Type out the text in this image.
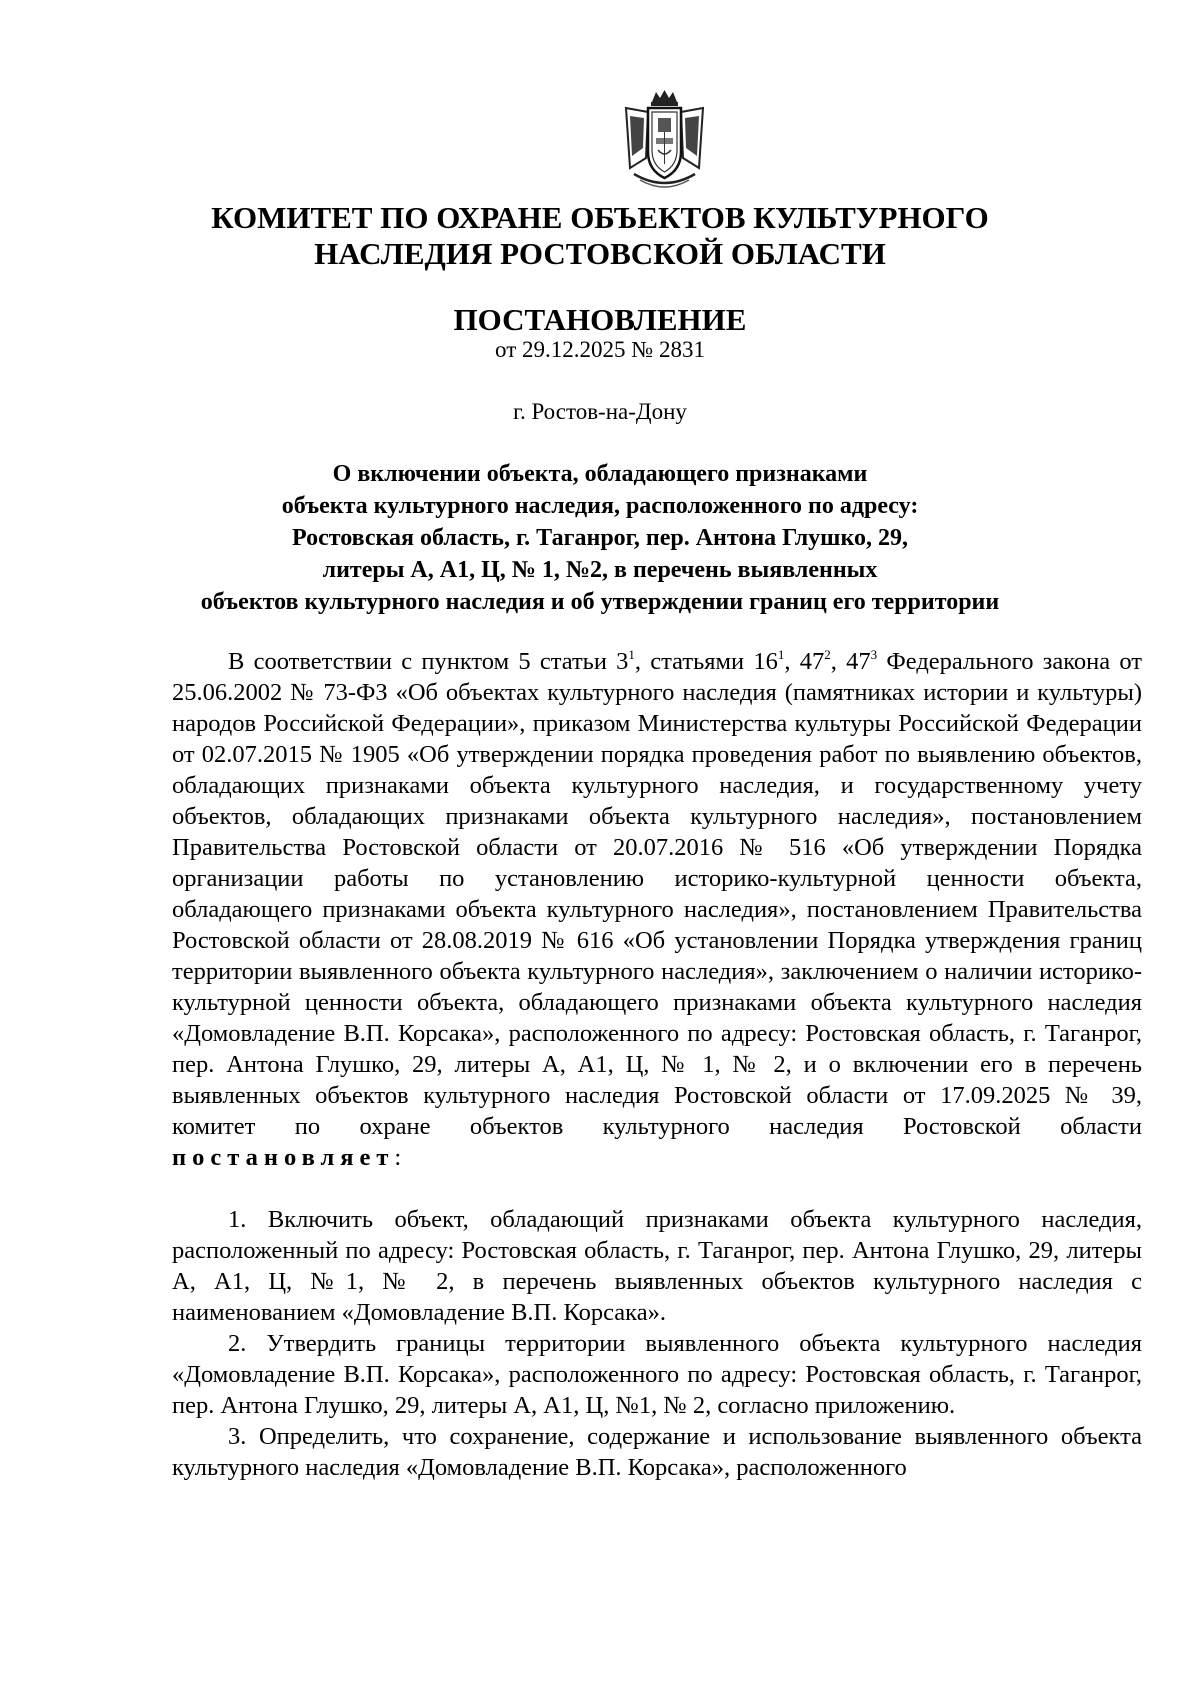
КОМИТЕТ ПО ОХРАНЕ ОБЪЕКТОВ КУЛЬТУРНОГО
НАСЛЕДИЯ РОСТОВСКОЙ ОБЛАСТИ
ПОСТАНОВЛЕНИЕ
от 29.12.2025 № 2831
г. Ростов-на-Дону
О включении объекта, обладающего признаками
объекта культурного наследия, расположенного по адресу:
Ростовская область, г. Таганрог, пер. Антона Глушко, 29,
литеры А, А1, Ц, № 1, №2, в перечень выявленных
объектов культурного наследия и об утверждении границ его территории

В соответствии с пунктом 5 статьи $3^1$, статьями $16^1$, $47^2$, $47^3$ Федерального закона от 25.06.2002 № 73-ФЗ «Об объектах культурного наследия (памятниках истории и культуры) народов Российской Федерации», приказом Министерства культуры Российской Федерации от 02.07.2015 № 1905 «Об утверждении порядка проведения работ по выявлению объектов, обладающих признаками объекта культурного наследия, и государственному учету объектов, обладающих признаками объекта культурного наследия», постановлением Правительства Ростовской области от 20.07.2016 № 516 «Об утверждении Порядка организации работы по установлению историко-культурной ценности объекта, обладающего признаками объекта культурного наследия», постановлением Правительства Ростовской области от 28.08.2019 № 616 «Об установлении Порядка утверждения границ территории выявленного объекта культурного наследия», заключением о наличии историко-культурной ценности объекта, обладающего признаками объекта культурного наследия «Домовладение В.П. Корсака», расположенного по адресу: Ростовская область, г. Таганрог, пер. Антона Глушко, 29, литеры А, А1, Ц, № 1, № 2, и о включении его в перечень выявленных объектов культурного наследия Ростовской области от 17.09.2025 № 39, комитет по охране объектов культурного наследия Ростовской области постановляет:

1. Включить объект, обладающий признаками объекта культурного наследия, расположенный по адресу: Ростовская область, г. Таганрог, пер. Антона Глушко, 29, литеры А, А1, Ц, №1, № 2, в перечень выявленных объектов культурного наследия с наименованием «Домовладение В.П. Корсака».

2. Утвердить границы территории выявленного объекта культурного наследия «Домовладение В.П. Корсака», расположенного по адресу: Ростовская область, г. Таганрог, пер. Антона Глушко, 29, литеры А, А1, Ц, №1, № 2, согласно приложению.

3. Определить, что сохранение, содержание и использование выявленного объекта культурного наследия «Домовладение В.П. Корсака», расположенного
